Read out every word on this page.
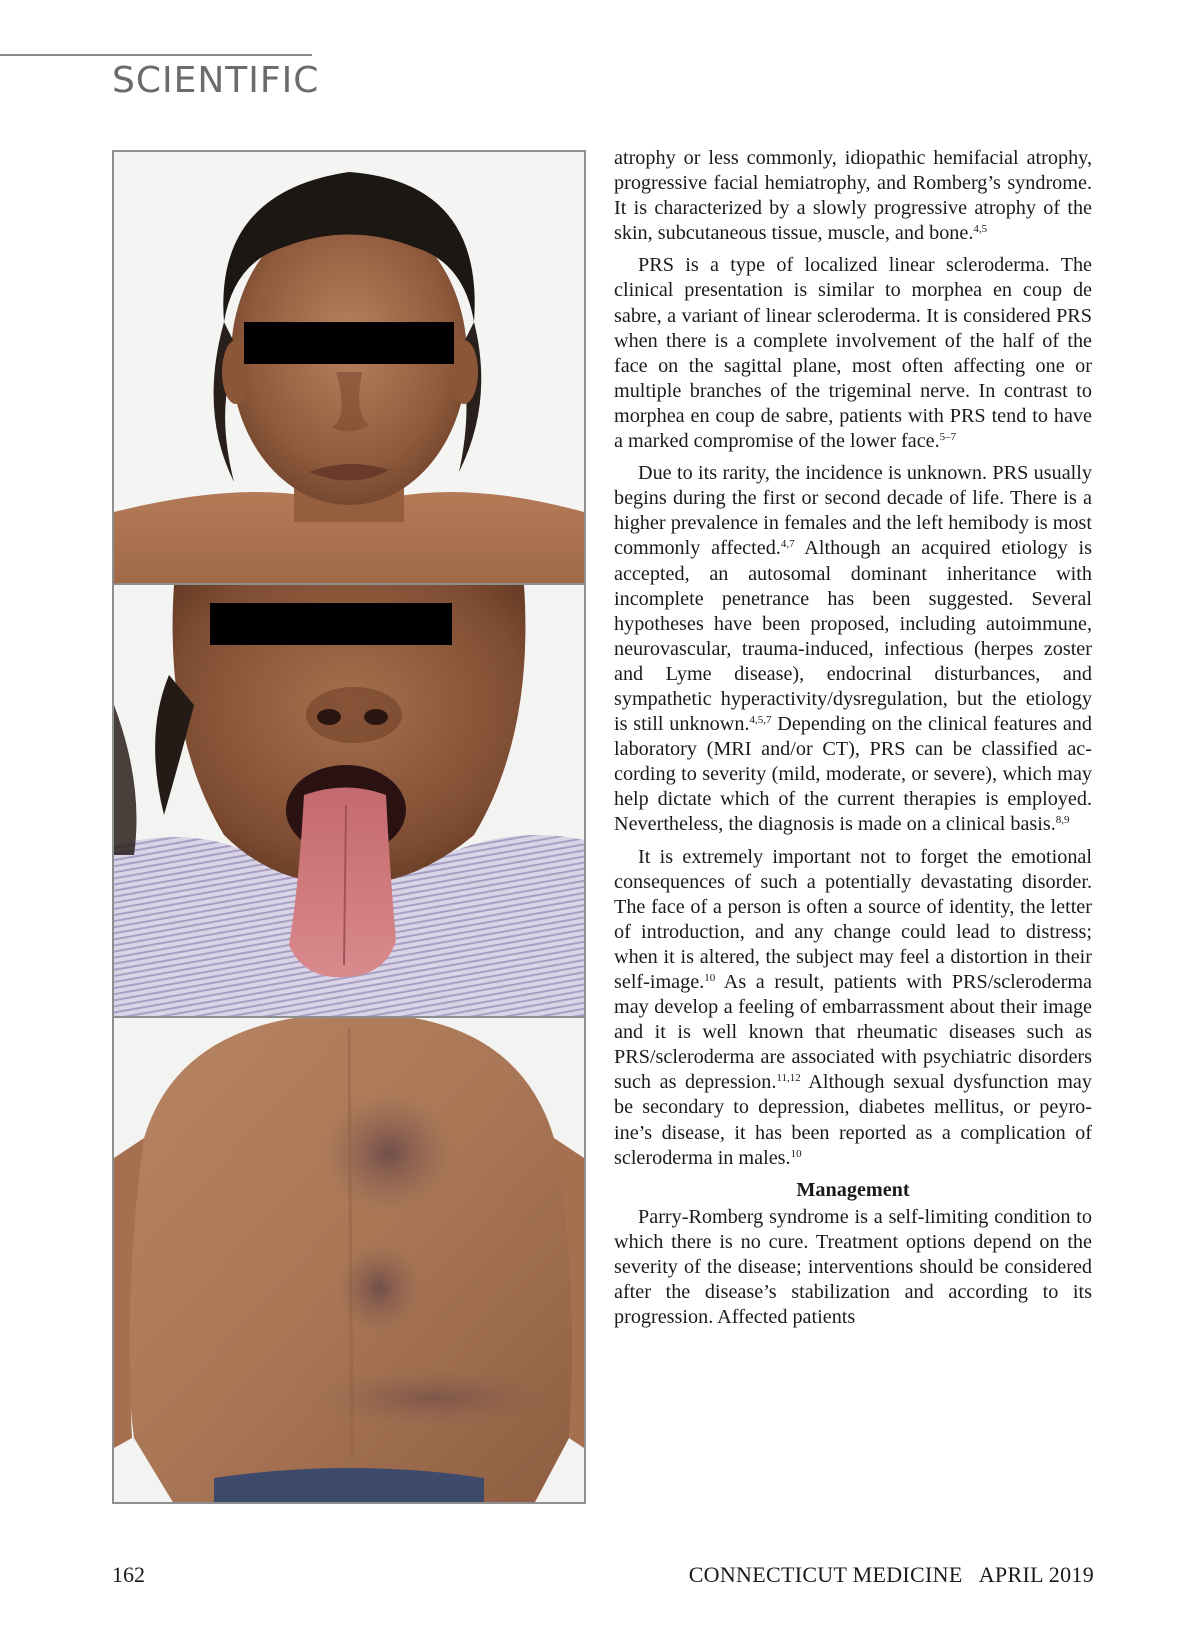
SCIENTIFIC

atrophy or less commonly, idiopathic hemifacial atrophy, progressive facial hemiatrophy, and Romberg’s syndrome. It is characterized by a slowly progressive atrophy of the skin, subcutaneous tissue, muscle, and bone.$^{4,5}$

PRS is a type of localized linear scleroderma. The clinical presentation is similar to morphea en coup de sabre, a variant of linear scleroderma. It is considered PRS when there is a complete involvement of the half of the face on the sagittal plane, most often affecting one or multiple branches of the trigeminal nerve. In contrast to morphea en coup de sabre, patients with PRS tend to have a marked compromise of the lower face.$^{5-7}$

Due to its rarity, the incidence is unknown. PRS usually begins during the first or second decade of life. There is a higher prevalence in females and the left hemibody is most commonly affected.$^{4,7}$ Although an acquired etiology is accepted, an autosomal dominant inheritance with incomplete penetrance has been suggested. Several hypotheses have been proposed, including autoimmune, neurovascular, trauma-induced, infectious (herpes zoster and Lyme disease), endocrinal disturbances, and sympathetic hyperactivity/dysregulation, but the etiology is still unknown.$^{4,5,7}$ Depending on the clinical features and laboratory (MRI and/or CT), PRS can be classified according to severity (mild, moderate, or severe), which may help dictate which of the current therapies is employed. Nevertheless, the diagnosis is made on a clinical basis.$^{8,9}$

It is extremely important not to forget the emotional consequences of such a potentially devastating disorder. The face of a person is often a source of identity, the letter of introduction, and any change could lead to distress; when it is altered, the subject may feel a distortion in their self-image.$^{10}$ As a result, patients with PRS/scleroderma may develop a feeling of embarrassment about their image and it is well known that rheumatic diseases such as PRS/scleroderma are associated with psychiatric disorders such as depression.$^{11,12}$ Although sexual dysfunction may be secondary to depression, diabetes mellitus, or peyroine’s disease, it has been reported as a complication of scleroderma in males.$^{10}$

Management

Parry-Romberg syndrome is a self-limiting condition to which there is no cure. Treatment options depend on the severity of the disease; interventions should be considered after the disease’s stabilization and according to its progression. Affected patients

162	CONNECTICUT MEDICINE   APRIL 2019
